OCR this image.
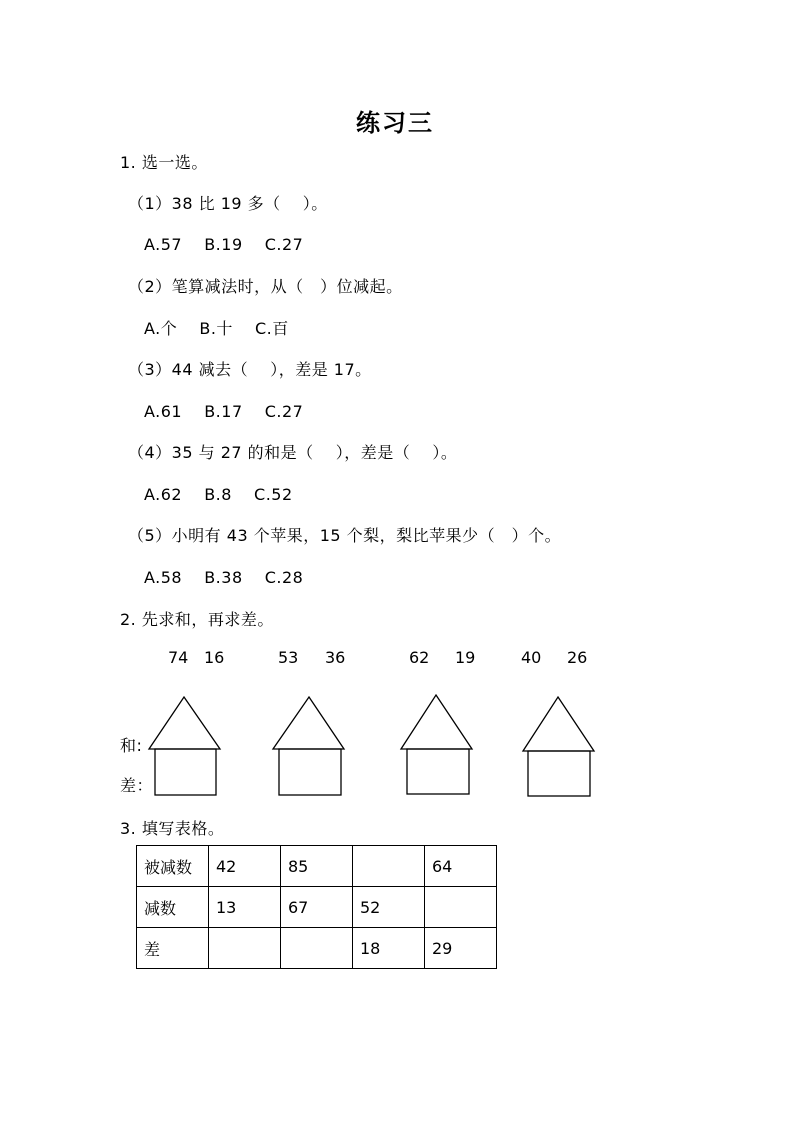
练习三
1. 选一选。
（1）38 比 19 多（　 ）。
A.57　 B.19　 C.27
（2）笔算减法时，从（　）位减起。
A.个　 B.十　 C.百
（3）44 减去（　 ），差是 17。
A.61　 B.17　 C.27
（4）35 与 27 的和是（　 ），差是（　 ）。
A.62　 B.8　 C.52
（5）小明有 43 个苹果，15 个梨，梨比苹果少（　）个。
A.58　 B.38　 C.28
2. 先求和，再求差。
74 16	53 36	62 19	40 26
和:
差：
3. 填写表格。
被减数	42	85		64
减数	13	67	52	
差			18	29
